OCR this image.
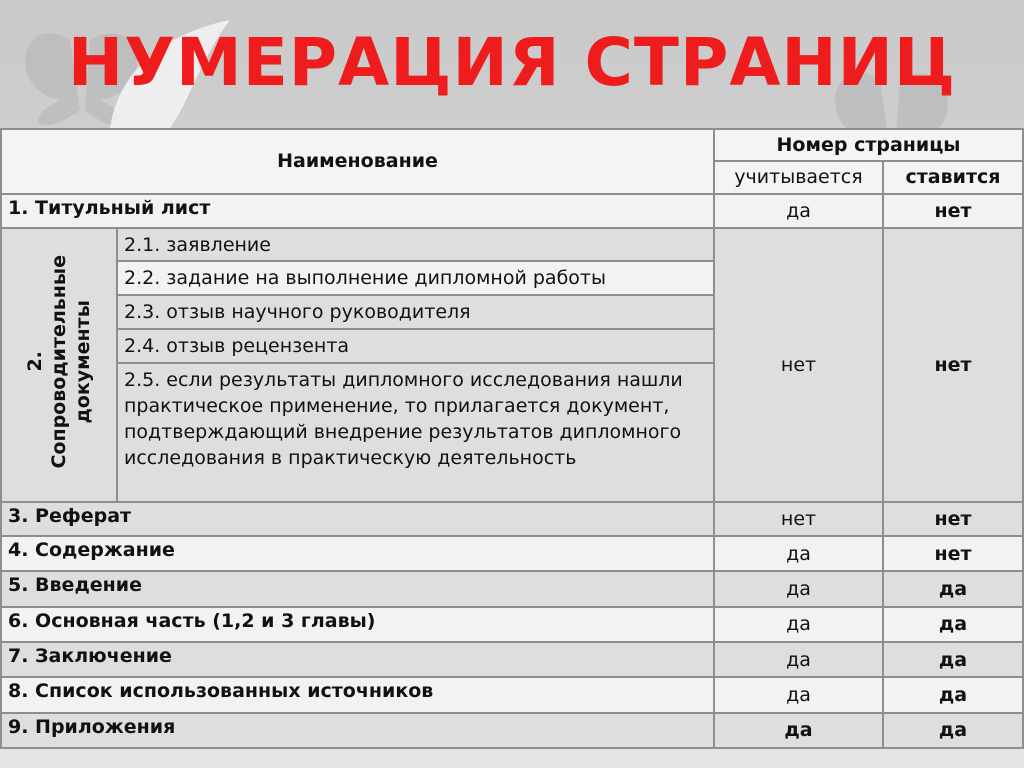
НУМЕРАЦИЯ СТРАНИЦ
Наименование		Номер страницы	
		учитывается	ставится
1. Титульный лист		да	нет

2. Сопроводительные документы	2.1. заявление	нет	нет
	2.2. задание на выполнение дипломной работы		
	2.3. отзыв научного руководителя		
	2.4. отзыв рецензента		
	2.5. если результаты дипломного исследования нашли практическое применение, то прилагается документ, подтверждающий внедрение результатов дипломного исследования в практическую деятельность		
3. Реферат		нет	нет
4. Содержание		да	нет
5. Введение		да	да
6. Основная часть (1,2 и 3 главы)		да	да
7. Заключение		да	да
8. Список использованных источников		да	да
9. Приложения		да	да
